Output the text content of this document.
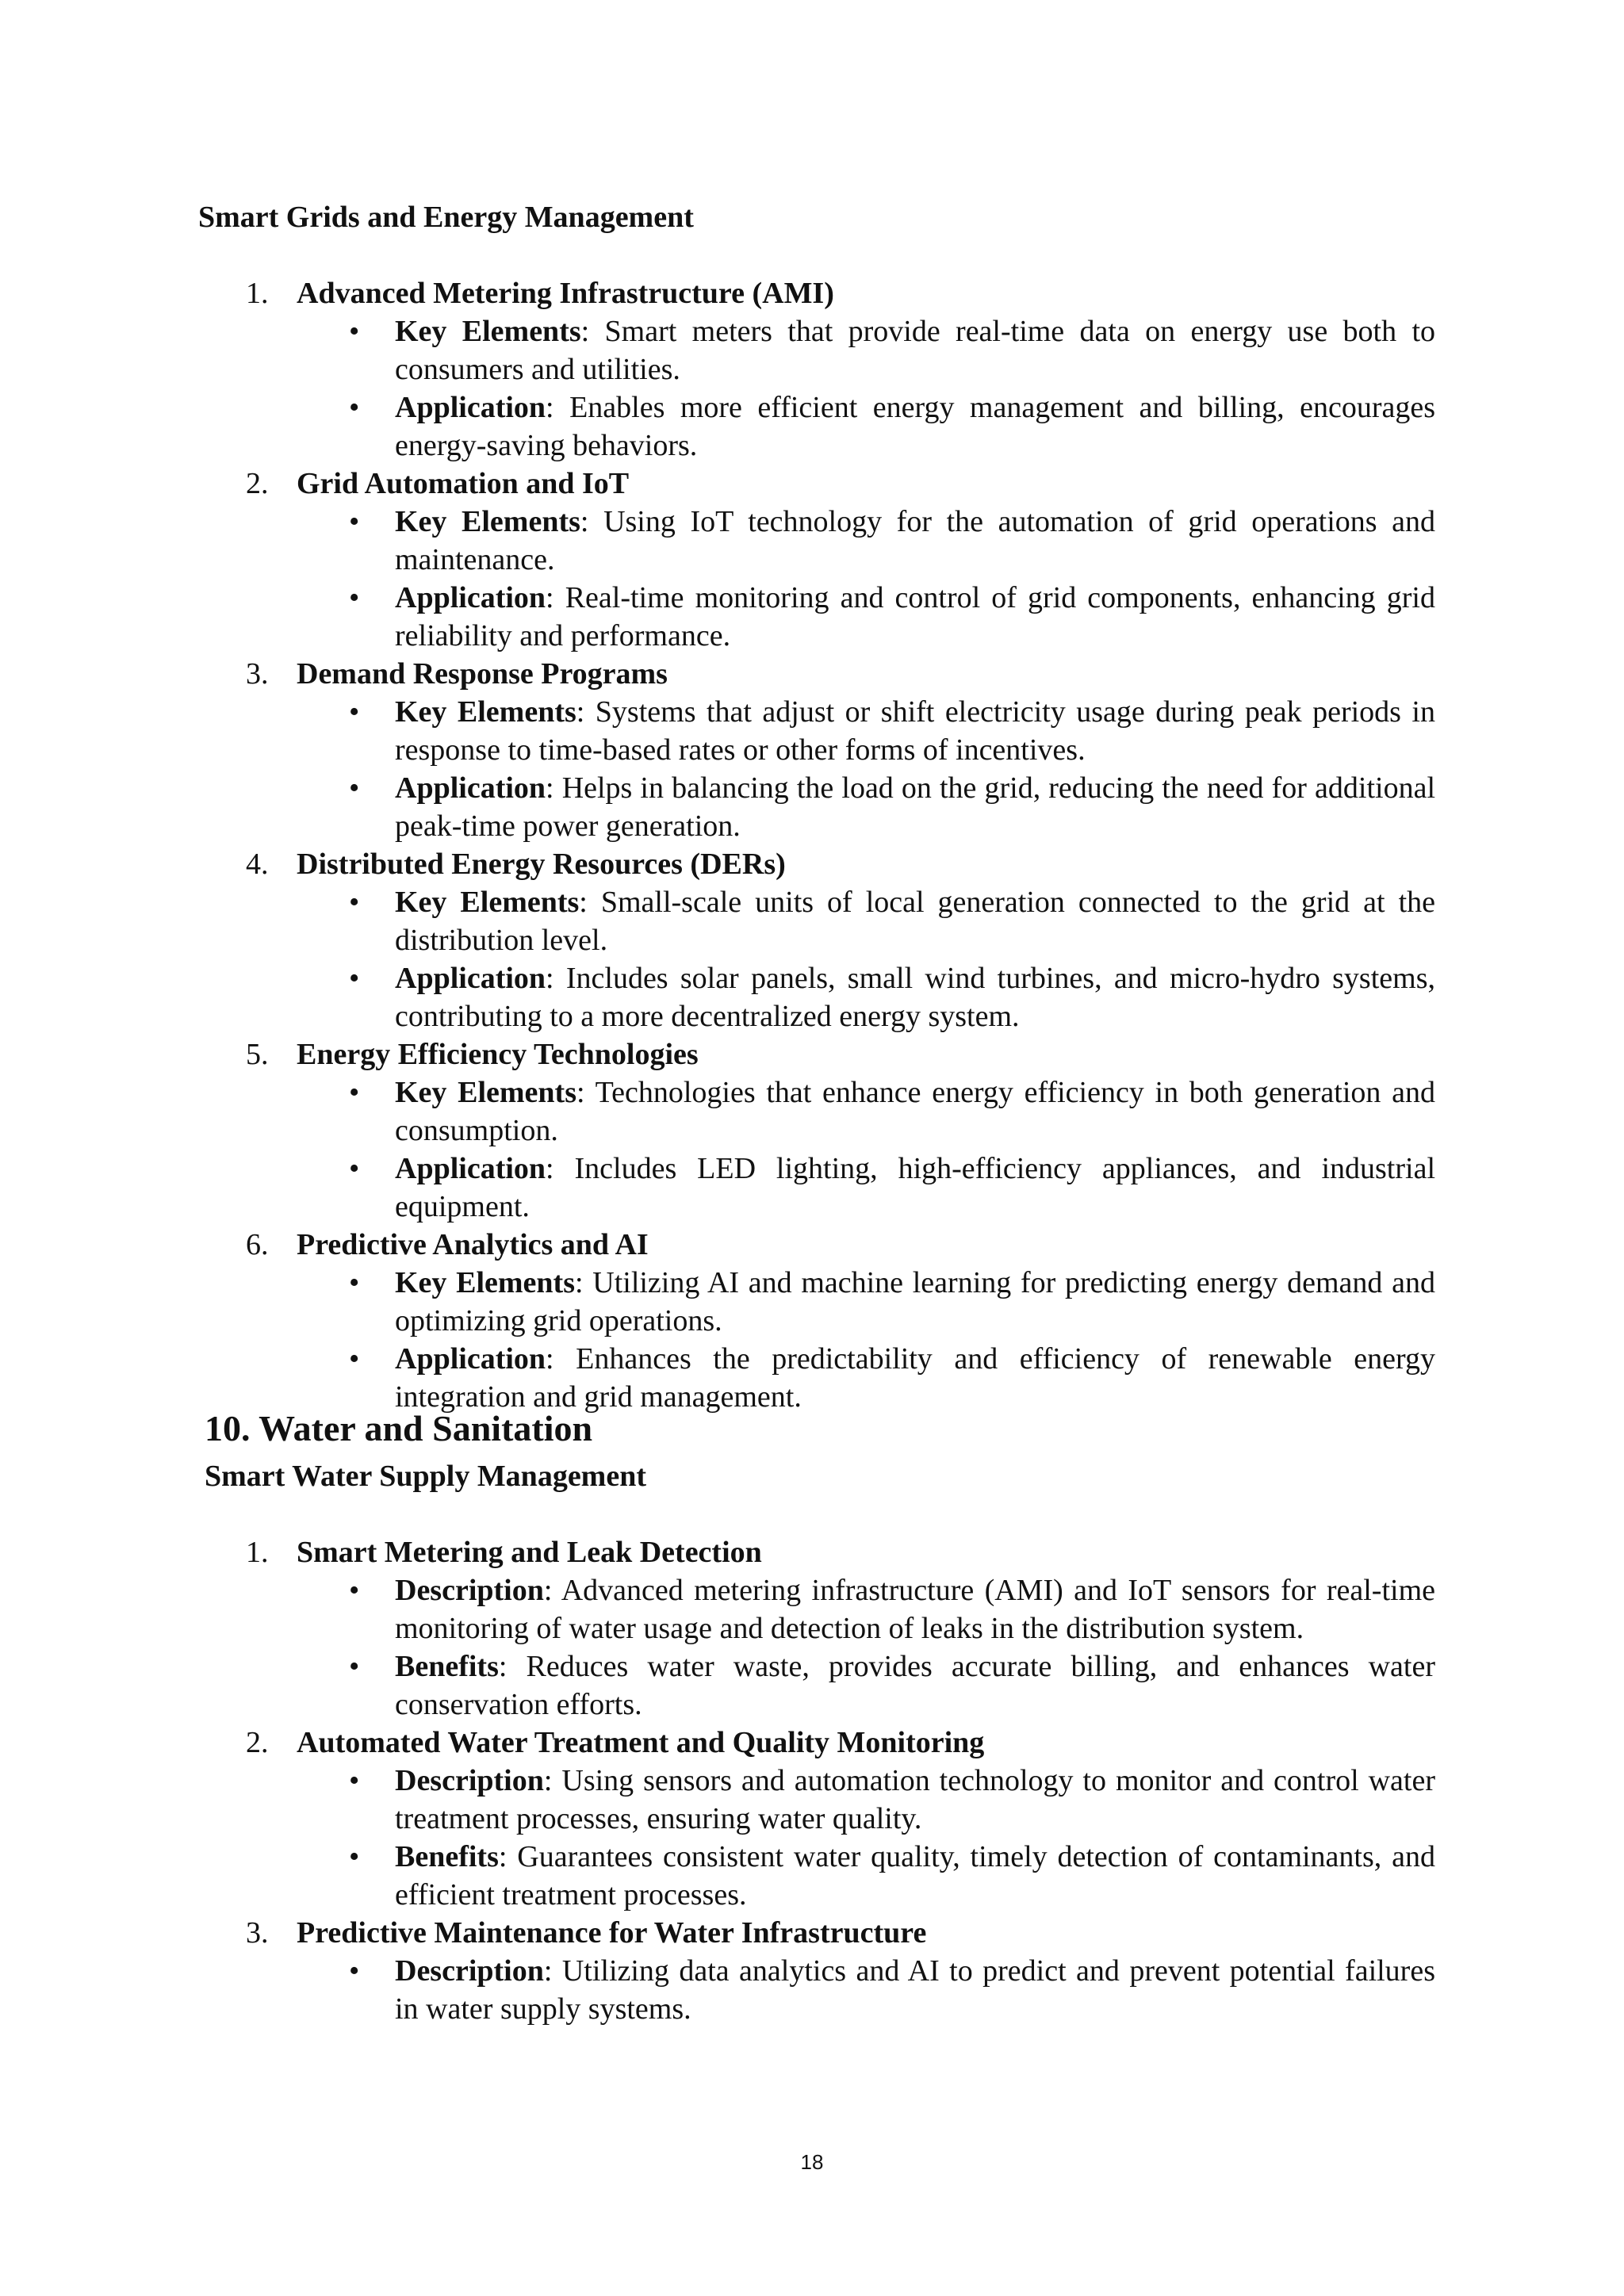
Smart Grids and Energy Management
1. Advanced Metering Infrastructure (AMI)
• Key Elements: Smart meters that provide real-time data on energy use both to consumers and utilities.
• Application: Enables more efficient energy management and billing, encourages energy-saving behaviors.
2. Grid Automation and IoT
• Key Elements: Using IoT technology for the automation of grid operations and maintenance.
• Application: Real-time monitoring and control of grid components, enhancing grid reliability and performance.
3. Demand Response Programs
• Key Elements: Systems that adjust or shift electricity usage during peak periods in response to time-based rates or other forms of incentives.
• Application: Helps in balancing the load on the grid, reducing the need for additional peak-time power generation.
4. Distributed Energy Resources (DERs)
• Key Elements: Small-scale units of local generation connected to the grid at the distribution level.
• Application: Includes solar panels, small wind turbines, and micro-hydro systems, contributing to a more decentralized energy system.
5. Energy Efficiency Technologies
• Key Elements: Technologies that enhance energy efficiency in both generation and consumption.
• Application: Includes LED lighting, high-efficiency appliances, and industrial equipment.
6. Predictive Analytics and AI
• Key Elements: Utilizing AI and machine learning for predicting energy demand and optimizing grid operations.
• Application: Enhances the predictability and efficiency of renewable energy integration and grid management.
10. Water and Sanitation
Smart Water Supply Management
1. Smart Metering and Leak Detection
• Description: Advanced metering infrastructure (AMI) and IoT sensors for real-time monitoring of water usage and detection of leaks in the distribution system.
• Benefits: Reduces water waste, provides accurate billing, and enhances water conservation efforts.
2. Automated Water Treatment and Quality Monitoring
• Description: Using sensors and automation technology to monitor and control water treatment processes, ensuring water quality.
• Benefits: Guarantees consistent water quality, timely detection of contaminants, and efficient treatment processes.
3. Predictive Maintenance for Water Infrastructure
• Description: Utilizing data analytics and AI to predict and prevent potential failures in water supply systems.
18
